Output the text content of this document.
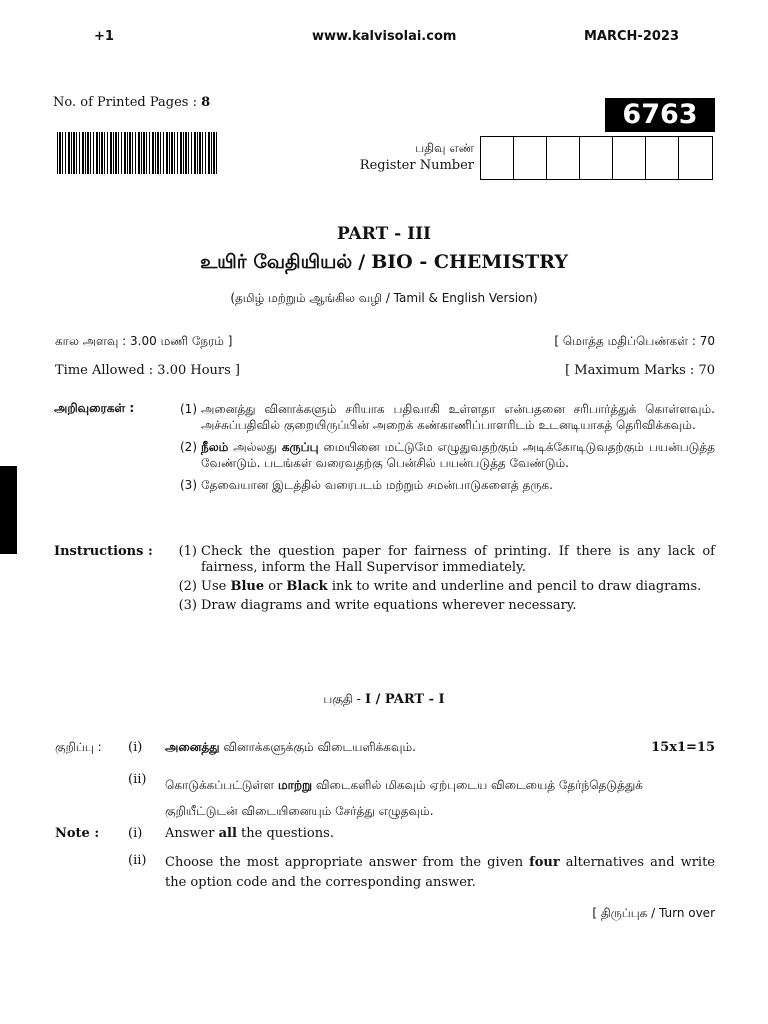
+1	www.kalvisolai.com	MARCH-2023
No. of Printed Pages : 8	6763
பதிவு எண்
Register Number
PART - III
உயிர் வேதியியல் / BIO - CHEMISTRY
(தமிழ் மற்றும் ஆங்கில வழி / Tamil & English Version)
கால அளவு : 3.00 மணி நேரம் ]	[ மொத்த மதிப்பெண்கள் : 70
Time Allowed : 3.00 Hours ]	[ Maximum Marks : 70
அறிவுரைகள் :	(1) அனைத்து வினாக்களும் சரியாக பதிவாகி உள்ளதா என்பதனை சரிபார்த்துக் கொள்ளவும். அச்சுப்பதிவில் குறையிருப்பின் அறைக் கண்காணிப்பாளரிடம் உடனடியாகத் தெரிவிக்கவும்.
(2) நீலம் அல்லது கருப்பு மையினை மட்டுமே எழுதுவதற்கும் அடிக்கோடிடுவதற்கும் பயன்படுத்த வேண்டும். படங்கள் வரைவதற்கு பென்சில் பயன்படுத்த வேண்டும்.
(3) தேவையான இடத்தில் வரைபடம் மற்றும் சமன்பாடுகளைத் தருக.
Instructions :	(1) Check the question paper for fairness of printing. If there is any lack of fairness, inform the Hall Supervisor immediately.
(2) Use Blue or Black ink to write and underline and pencil to draw diagrams.
(3) Draw diagrams and write equations wherever necessary.
பகுதி - I / PART - I
குறிப்பு : (i)	அனைத்து வினாக்களுக்கும் விடையளிக்கவும்.	15x1=15
(ii)	கொடுக்கப்பட்டுள்ள மாற்று விடைகளில் மிகவும் ஏற்புடைய விடையைத் தேர்ந்தெடுத்துக் குறியீட்டுடன் விடையினையும் சேர்த்து எழுதவும்.
Note : (i)	Answer all the questions.
(ii)	Choose the most appropriate answer from the given four alternatives and write the option code and the corresponding answer.
[ திருப்புக / Turn over
